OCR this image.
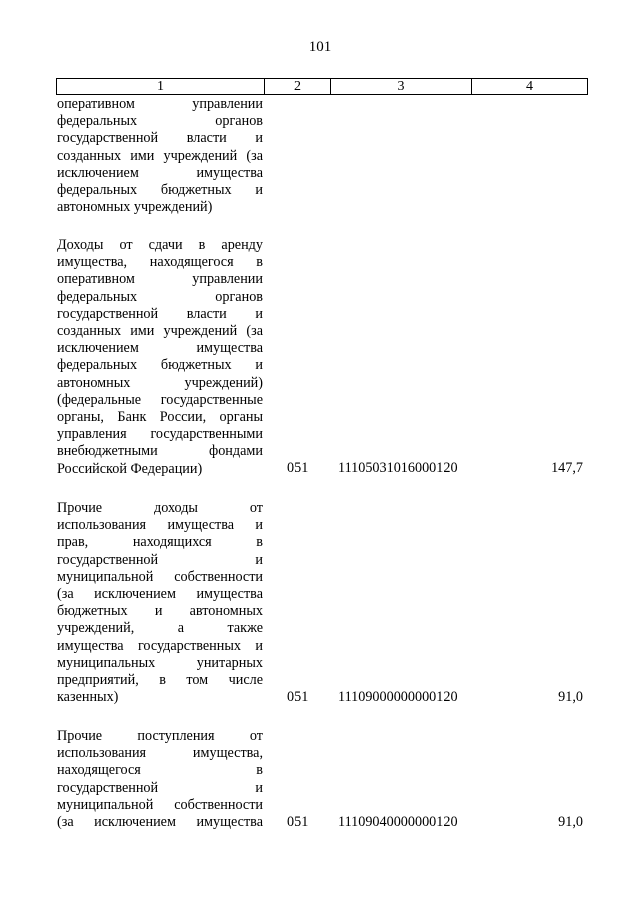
101
1	2	3	4
оперативном управлении
федеральных органов
государственной власти и
созданных ими учреждений (за
исключением имущества
федеральных бюджетных и
автономных учреждений)
Доходы от сдачи в аренду
имущества, находящегося в
оперативном управлении
федеральных органов
государственной власти и
созданных ими учреждений (за
исключением имущества
федеральных бюджетных и
автономных учреждений)
(федеральные государственные
органы, Банк России, органы
управления государственными
внебюджетными фондами
Российской Федерации)	051 11105031016000120	147,7
Прочие доходы от
использования имущества и
прав, находящихся в
государственной и
муниципальной собственности
(за исключением имущества
бюджетных и автономных
учреждений, а также
имущества государственных и
муниципальных унитарных
предприятий, в том числе
казенных)	051 11109000000000120	91,0
Прочие поступления от
использования имущества,
находящегося в
государственной и
муниципальной собственности
(за исключением имущества 051 11109040000000120	91,0
